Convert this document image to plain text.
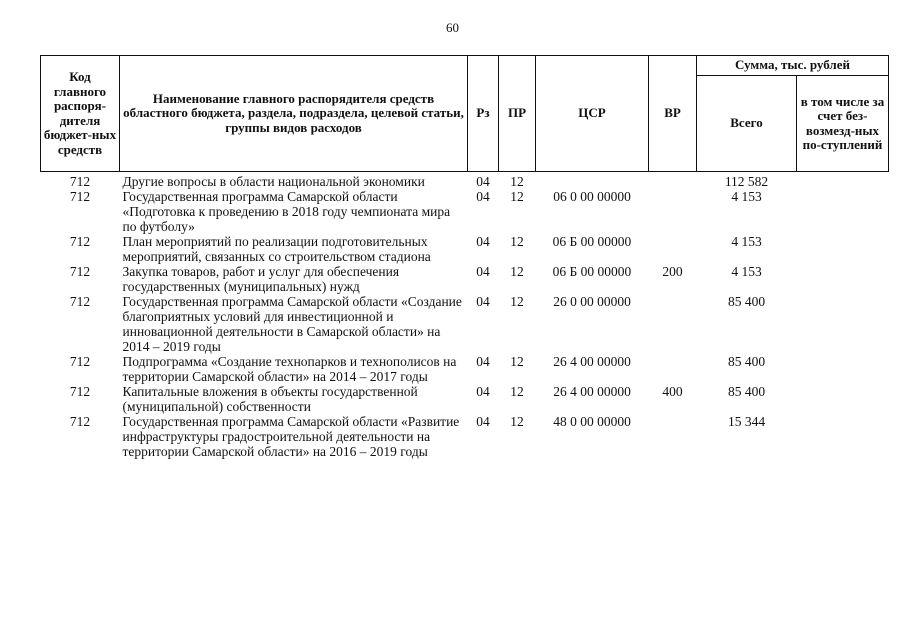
60
Код главного распоря-дителя бюджет-ных средств	Наименование главного распорядителя средств областного бюджета, раздела, подраздела, целевой статьи, группы видов расходов	Рз	ПР	ЦСР	ВР	Сумма, тыс. рублей	
						Всего	в том числе за счет без-возмезд-ных по-ступлений
712	Другие вопросы в области национальной экономики	04	12			112 582	
712	Государственная программа Самарской области «Подготовка к проведению в 2018 году чемпионата мира по футболу»	04	12	06 0 00 00000		4 153	
712	План мероприятий по реализации подготовительных мероприятий, связанных со строительством стадиона	04	12	06 Б 00 00000		4 153	
712	Закупка товаров, работ и услуг для обеспечения государственных (муниципальных) нужд	04	12	06 Б 00 00000	200	4 153	
712	Государственная программа Самарской области «Создание благоприятных условий для инвестиционной и инновационной деятельности в Самарской области» на 2014 – 2019 годы	04	12	26 0 00 00000		85 400	
712	Подпрограмма «Создание технопарков и технополисов на территории Самарской области» на 2014 – 2017 годы	04	12	26 4 00 00000		85 400	
712	Капитальные вложения в объекты государственной (муниципальной) собственности	04	12	26 4 00 00000	400	85 400	
712	Государственная программа Самарской области «Развитие инфраструктуры градостроительной деятельности на территории Самарской области» на 2016 – 2019 годы	04	12	48 0 00 00000		15 344	
